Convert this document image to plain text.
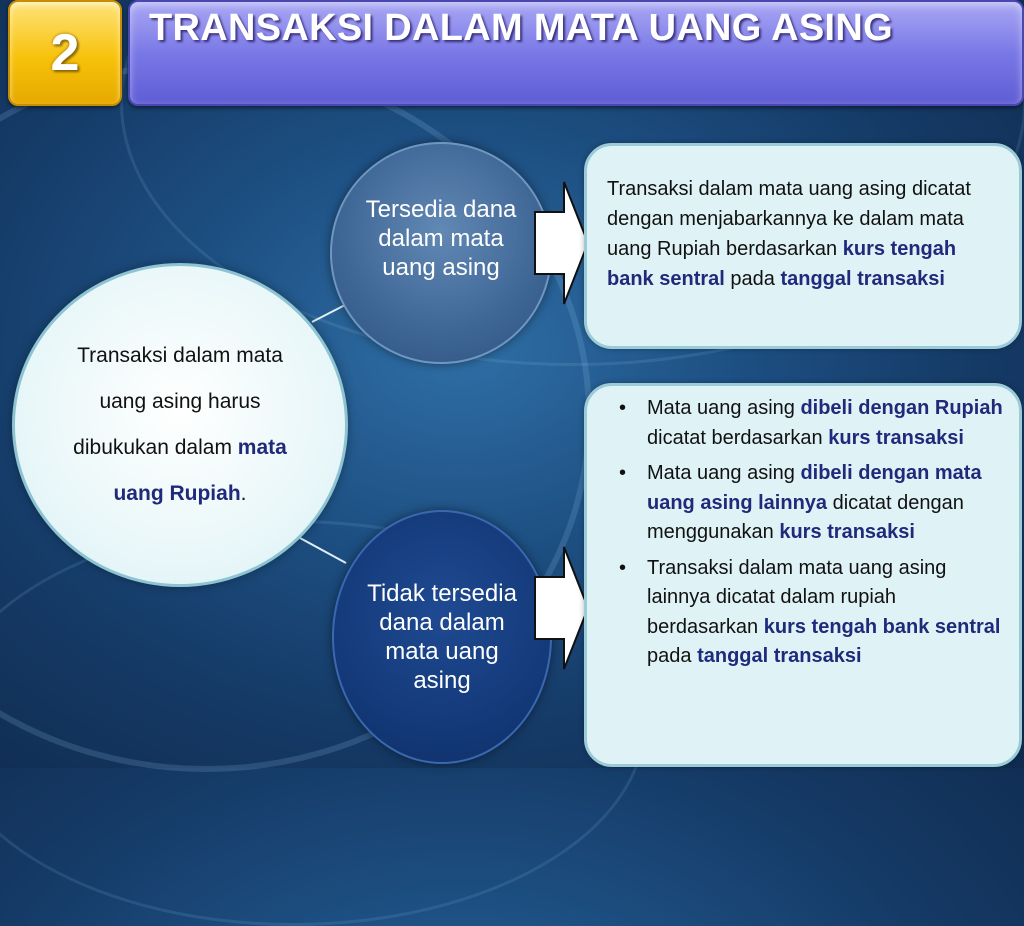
2	TRANSAKSI DALAM MATA UANG ASING

Tersedia dana dalam mata uang asing

Tidak tersedia dana dalam mata uang asing

Transaksi dalam mata uang asing harus dibukukan dalam mata uang Rupiah.

Transaksi dalam mata uang asing dicatat dengan menjabarkannya ke dalam mata uang Rupiah berdasarkan kurs tengah bank sentral pada tanggal transaksi

• Mata uang asing dibeli dengan Rupiah dicatat berdasarkan kurs transaksi
• Mata uang asing dibeli dengan mata uang asing lainnya dicatat dengan menggunakan kurs transaksi
• Transaksi dalam mata uang asing lainnya dicatat dalam rupiah berdasarkan kurs tengah bank sentral pada tanggal transaksi
